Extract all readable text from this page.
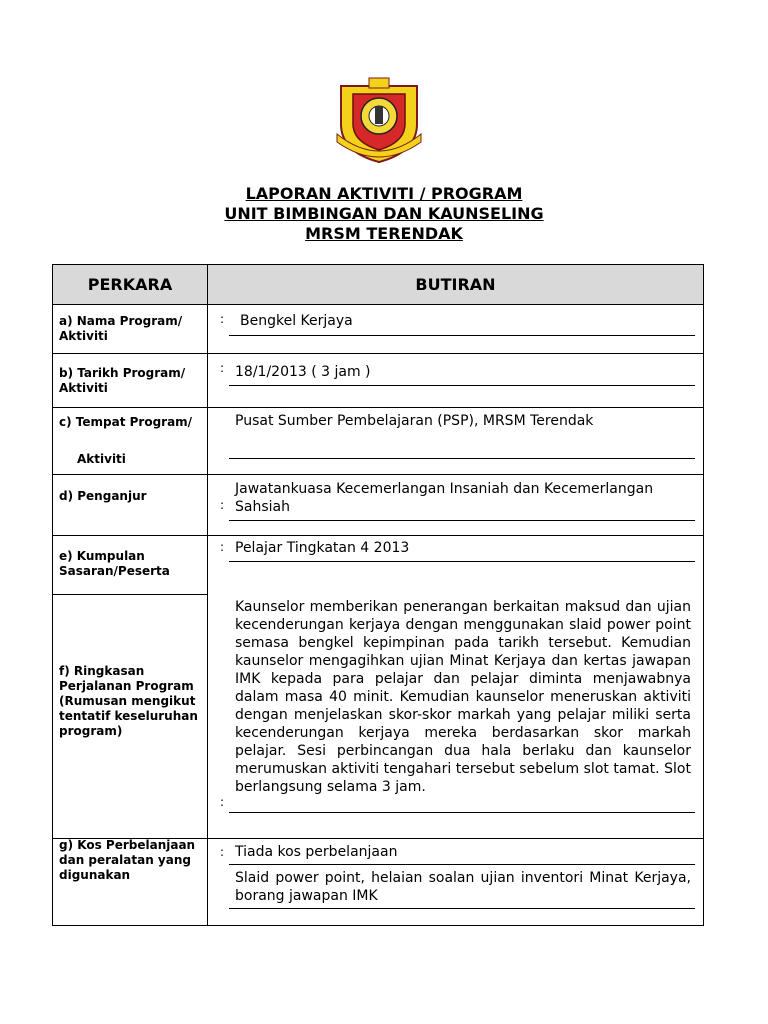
LAPORAN AKTIVITI / PROGRAM
UNIT BIMBINGAN DAN KAUNSELING
MRSM TERENDAK
PERKARA	BUTIRAN
a) Nama Program/ Aktiviti
: Bengkel Kerjaya
b) Tarikh Program/ Aktiviti
: 18/1/2013 ( 3 jam )
c) Tempat Program/
Aktiviti
Pusat Sumber Pembelajaran (PSP), MRSM Terendak
d) Penganjur
:
Jawatankuasa Kecemerlangan Insaniah dan Kecemerlangan Sahsiah
e) Kumpulan Sasaran/Peserta
: Pelajar Tingkatan 4 2013
f) Ringkasan Perjalanan Program (Rumusan mengikut tentatif keseluruhan program)
:
Kaunselor memberikan penerangan berkaitan maksud dan ujian kecenderungan kerjaya dengan menggunakan slaid power point semasa bengkel kepimpinan pada tarikh tersebut. Kemudian kaunselor mengagihkan ujian Minat Kerjaya dan kertas jawapan IMK kepada para pelajar dan pelajar diminta menjawabnya dalam masa 40 minit. Kemudian kaunselor meneruskan aktiviti dengan menjelaskan skor-skor markah yang pelajar miliki serta kecenderungan kerjaya mereka berdasarkan skor markah pelajar. Sesi perbincangan dua hala berlaku dan kaunselor merumuskan aktiviti tengahari tersebut sebelum slot tamat. Slot berlangsung selama 3 jam.
g) Kos Perbelanjaan dan peralatan yang digunakan
: Tiada kos perbelanjaan
Slaid power point, helaian soalan ujian inventori Minat Kerjaya, borang jawapan IMK
